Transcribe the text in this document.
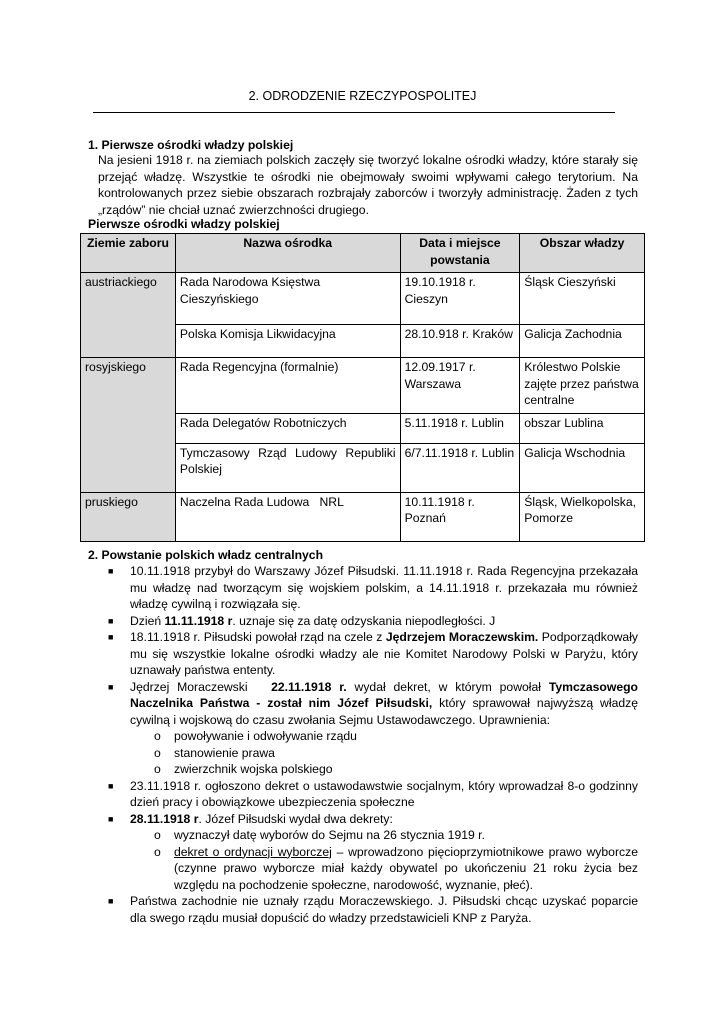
2. ODRODZENIE RZECZYPOSPOLITEJ
1. Pierwsze ośrodki władzy polskiej
Na jesieni 1918 r. na ziemiach polskich zaczęły się tworzyć lokalne ośrodki władzy, które starały się przejąć władzę. Wszystkie te ośrodki nie obejmowały swoimi wpływami całego terytorium. Na kontrolowanych przez siebie obszarach rozbrajały zaborców i tworzyły administrację. Żaden z tych „rządów” nie chciał uznać zwierzchności drugiego.
Pierwsze ośrodki władzy polskiej
Ziemie zaboru	Nazwa ośrodka	Data i miejsce powstania	Obszar władzy
austriackiego	Rada Narodowa Księstwa Cieszyńskiego	19.10.1918 r. Cieszyn	Śląsk Cieszyński
	Polska Komisja Likwidacyjna	28.10.918 r. Kraków	Galicja Zachodnia
rosyjskiego	Rada Regencyjna (formalnie)	12.09.1917 r. Warszawa	Królestwo Polskie zajęte przez państwa centralne
	Rada Delegatów Robotniczych	5.11.1918 r. Lublin	obszar Lublina
	Tymczasowy Rząd Ludowy Republiki Polskiej	6/7.11.1918 r. Lublin	Galicja Wschodnia
pruskiego	Naczelna Rada Ludowa   NRL	10.11.1918 r. Poznań	Śląsk, Wielkopolska, Pomorze
2. Powstanie polskich władz centralnych
■ 10.11.1918 przybył do Warszawy Józef Piłsudski. 11.11.1918 r. Rada Regencyjna przekazała mu władzę nad tworzącym się wojskiem polskim, a 14.11.1918 r. przekazała mu również władzę cywilną i rozwiązała się.
■ Dzień 11.11.1918 r. uznaje się za datę odzyskania niepodległości. J
■ 18.11.1918 r. Piłsudski powołał rząd na czele z Jędrzejem Moraczewskim. Podporządkowały mu się wszystkie lokalne ośrodki władzy ale nie Komitet Narodowy Polski w Paryżu, który uznawały państwa ententy.
■ Jędrzej Moraczewski   22.11.1918 r. wydał dekret, w którym powołał Tymczasowego Naczelnika Państwa - został nim Józef Piłsudski, który sprawował najwyższą władzę cywilną i wojskową do czasu zwołania Sejmu Ustawodawczego. Uprawnienia:
o powoływanie i odwoływanie rządu
o stanowienie prawa
o zwierzchnik wojska polskiego
■ 23.11.1918 r. ogłoszono dekret o ustawodawstwie socjalnym, który wprowadzał 8-o godzinny dzień pracy i obowiązkowe ubezpieczenia społeczne
■ 28.11.1918 r. Józef Piłsudski wydał dwa dekrety:
o wyznaczył datę wyborów do Sejmu na 26 stycznia 1919 r.
o dekret o ordynacji wyborczej – wprowadzono pięcioprzymiotnikowe prawo wyborcze (czynne prawo wyborcze miał każdy obywatel po ukończeniu 21 roku życia bez względu na pochodzenie społeczne, narodowość, wyznanie, płeć).
■ Państwa zachodnie nie uznały rządu Moraczewskiego. J. Piłsudski chcąc uzyskać poparcie dla swego rządu musiał dopuścić do władzy przedstawicieli KNP z Paryża.
